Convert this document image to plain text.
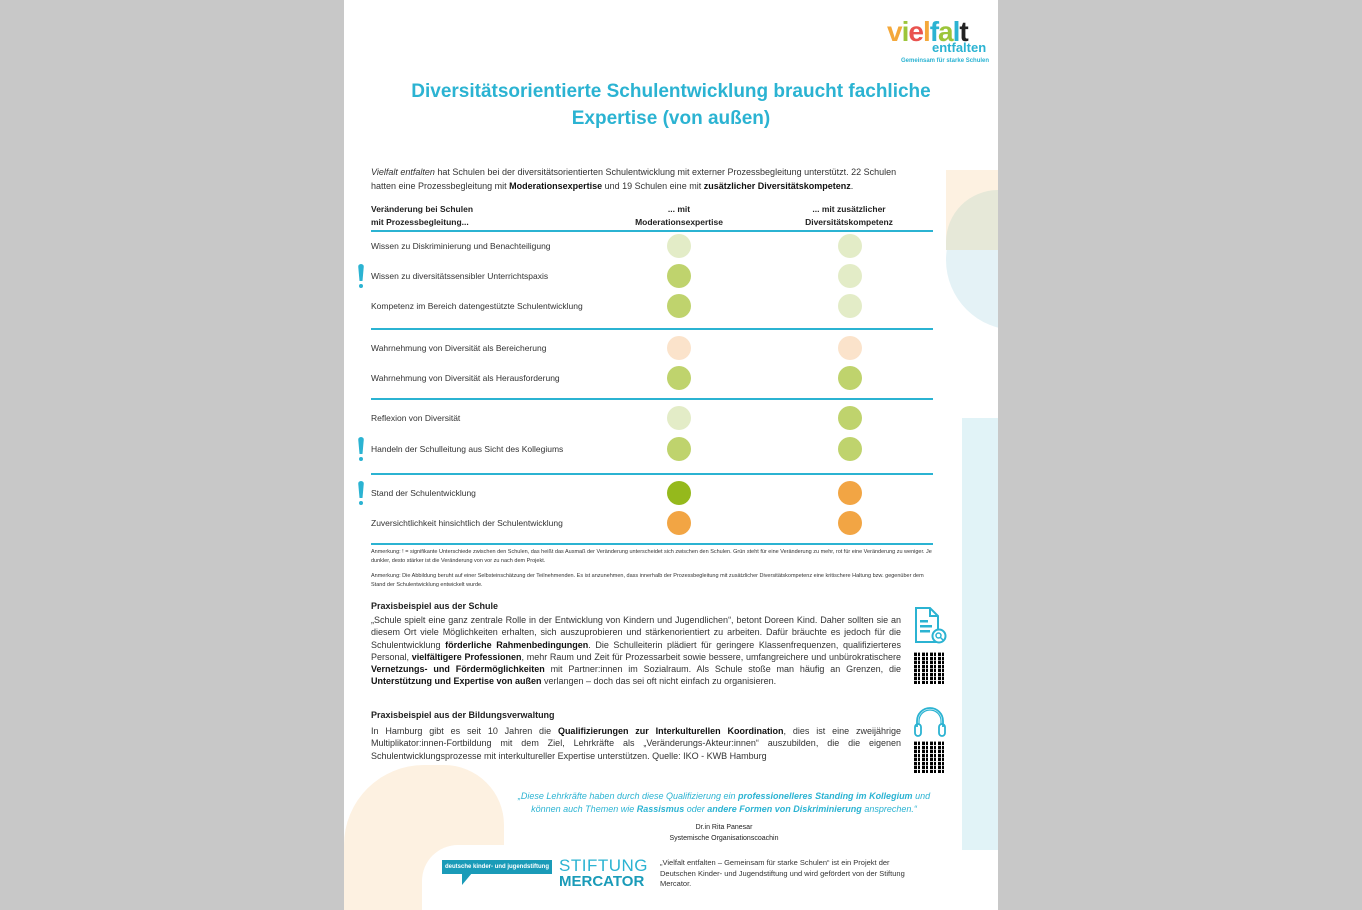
vielfalt
entfalten
Gemeinsam für starke Schulen
Diversitätsorientierte Schulentwicklung braucht fachliche
Expertise (von außen)
Vielfalt entfalten hat Schulen bei der diversitätsorientierten Schulentwicklung mit externer Prozessbegleitung unterstützt. 22 Schulen hatten eine Prozessbegleitung mit Moderationsexpertise und 19 Schulen eine mit zusätzlicher Diversitätskompetenz.
Veränderung bei Schulen
mit Prozessbegleitung...
... mit
Moderationsexpertise
... mit zusätzlicher
Diversitätskompetenz
Wissen zu Diskriminierung und Benachteiligung
Wissen zu diversitätssensibler Unterrichtspaxis
Kompetenz im Bereich datengestützte Schulentwicklung
Wahrnehmung von Diversität als Bereicherung
Wahrnehmung von Diversität als Herausforderung
Reflexion von Diversität
Handeln der Schulleitung aus Sicht des Kollegiums
Stand der Schulentwicklung
Zuversichtlichkeit hinsichtlich der Schulentwicklung
Anmerkung: ! = signifikante Unterschiede zwischen den Schulen, das heißt das Ausmaß der Veränderung unterscheidet sich zwischen den Schulen. Grün steht für eine Veränderung zu mehr, rot für eine Veränderung zu weniger. Je dunkler, desto stärker ist die Veränderung von vor zu nach dem Projekt.
Anmerkung: Die Abbildung beruht auf einer Selbsteinschätzung der Teilnehmenden. Es ist anzunehmen, dass innerhalb der Prozessbegleitung mit zusätzlicher Diversitätskompetenz eine kritischere Haltung bzw. gegenüber dem Stand der Schulentwicklung entwickelt wurde.
Praxisbeispiel aus der Schule
„Schule spielt eine ganz zentrale Rolle in der Entwicklung von Kindern und Jugendlichen“, betont Doreen Kind. Daher sollten sie an diesem Ort viele Möglichkeiten erhalten, sich auszuprobieren und stärkenorientiert zu arbeiten. Dafür bräuchte es jedoch für die Schulentwicklung förderliche Rahmenbedingungen. Die Schulleiterin plädiert für geringere Klassenfrequenzen, qualifizierteres Personal, vielfältigere Professionen, mehr Raum und Zeit für Prozessarbeit sowie bessere, umfangreichere und unbürokratischere Vernetzungs- und Fördermöglichkeiten mit Partner:innen im Sozialraum. Als Schule stoße man häufig an Grenzen, die Unterstützung und Expertise von außen verlangen – doch das sei oft nicht einfach zu organisieren.
Praxisbeispiel aus der Bildungsverwaltung
In Hamburg gibt es seit 10 Jahren die Qualifizierungen zur Interkulturellen Koordination, dies ist eine zweijährige Multiplikator:innen-Fortbildung mit dem Ziel, Lehrkräfte als „Veränderungs-Akteur:innen“ auszubilden, die die eigenen Schulentwicklungsprozesse mit interkultureller Expertise unterstützen. Quelle: IKO - KWB Hamburg
„Diese Lehrkräfte haben durch diese Qualifizierung ein professionelleres Standing im Kollegium und können auch Themen wie Rassismus oder andere Formen von Diskriminierung ansprechen.“
Dr.in Rita Panesar
Systemische Organisationscoachin
deutsche kinder- und jugendstiftung STIFTUNG
MERCATOR
„Vielfalt entfalten – Gemeinsam für starke Schulen“ ist ein Projekt der Deutschen Kinder- und Jugendstiftung und wird gefördert von der Stiftung Mercator.
